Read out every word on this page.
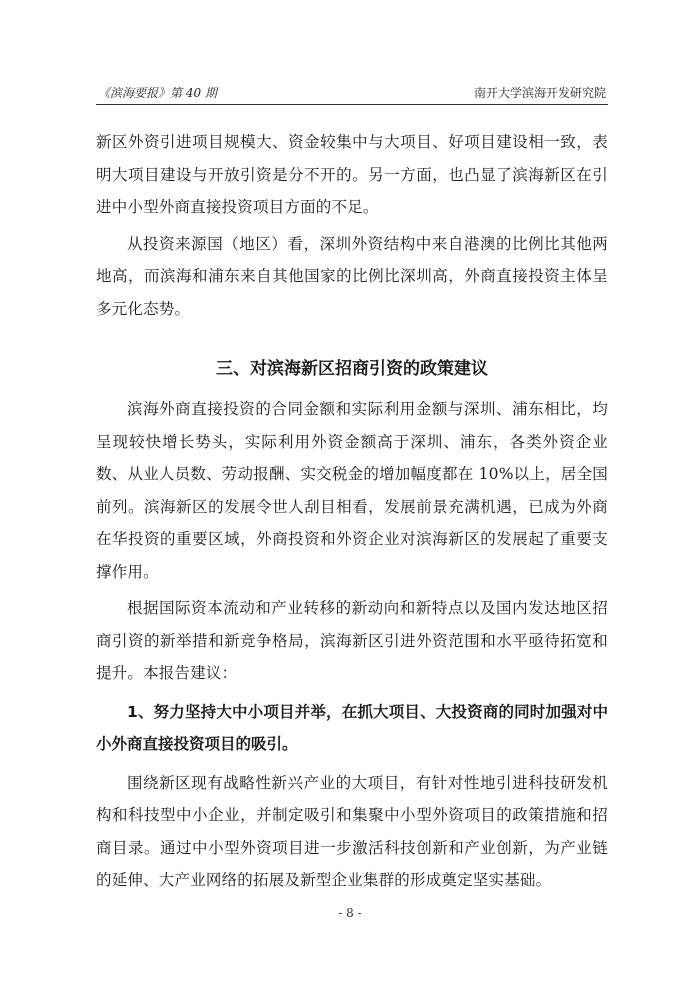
《滨海要报》第 40 期	南开大学滨海开发研究院

新区外资引进项目规模大、资金较集中与大项目、好项目建设相一致，表明大项目建设与开放引资是分不开的。另一方面，也凸显了滨海新区在引进中小型外商直接投资项目方面的不足。

从投资来源国（地区）看，深圳外资结构中来自港澳的比例比其他两地高，而滨海和浦东来自其他国家的比例比深圳高，外商直接投资主体呈多元化态势。

三、对滨海新区招商引资的政策建议

滨海外商直接投资的合同金额和实际利用金额与深圳、浦东相比，均呈现较快增长势头，实际利用外资金额高于深圳、浦东，各类外资企业数、从业人员数、劳动报酬、实交税金的增加幅度都在 10%以上，居全国前列。滨海新区的发展令世人刮目相看，发展前景充满机遇，已成为外商在华投资的重要区域，外商投资和外资企业对滨海新区的发展起了重要支撑作用。

根据国际资本流动和产业转移的新动向和新特点以及国内发达地区招商引资的新举措和新竞争格局，滨海新区引进外资范围和水平亟待拓宽和提升。本报告建议：

1、努力坚持大中小项目并举，在抓大项目、大投资商的同时加强对中小外商直接投资项目的吸引。

围绕新区现有战略性新兴产业的大项目，有针对性地引进科技研发机构和科技型中小企业，并制定吸引和集聚中小型外资项目的政策措施和招商目录。通过中小型外资项目进一步激活科技创新和产业创新，为产业链的延伸、大产业网络的拓展及新型企业集群的形成奠定坚实基础。

- 8 -
